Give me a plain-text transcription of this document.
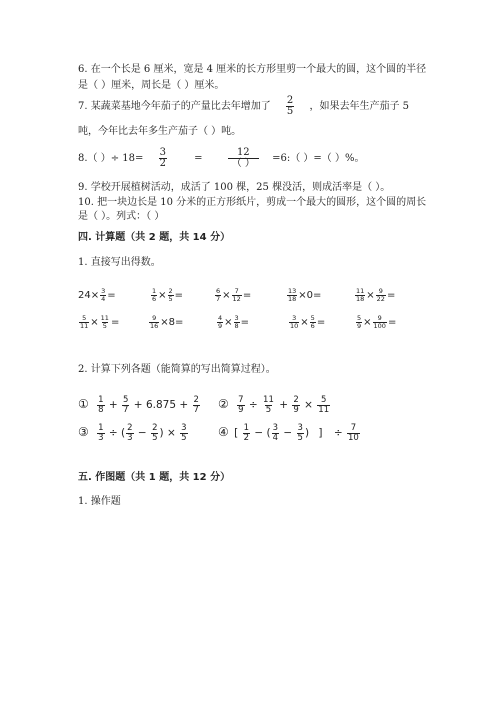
6. 在一个长是 6 厘米，宽是 4 厘米的长方形里剪一个最大的圆，这个圆的半径
是（ ）厘米，周长是（ ）厘米。
7. 某蔬菜基地今年茄子的产量比去年增加了 $\frac{2}{5}$ ，如果去年生产茄子 5
吨，今年比去年多生产茄子（ ）吨。
8.（ ）÷ $18= \frac{3}{2}$	=	$\frac{12}{( )}$ =6:（ ）=（ ）%。
9. 学校开展植树活动，成活了 100 棵，25 棵没活，则成活率是（ ）。
10. 把一块边长是 10 分米的正方形纸片，剪成一个最大的圆形，这个圆的周长
是（ ）。列式：（ ）
四. 计算题（共 2 题，共 14 分）
1. 直接写出得数。
$24\times \frac{3}{4}$ =	$\frac{1}{6} \times \frac{2}{5}$ =	$\frac{6}{7} \times \frac{7}{12}$ =	$\frac{13}{18} \times 0=$	$\frac{11}{18} \times \frac{9}{22}$ =
$\frac{5}{11} \times \frac{11}{5}$ =	$\frac{9}{16} \times 8=$	$\frac{4}{9} \times \frac{3}{8}$ =	$\frac{3}{10} \times \frac{5}{6}$ =	$\frac{5}{9} \times \frac{9}{100}$ =
2. 计算下列各题（能简算的写出简算过程）。
① $\frac{1}{8} + \frac{5}{7} + 6.875 + \frac{2}{7}$ ② $\frac{7}{9} \div \frac{11}{5} + \frac{2}{9} \times \frac{5}{11}$
③ $\frac{1}{3}$ ÷ ( $\frac{2}{3} - \frac{2}{5}$ ) × $\frac{3}{5}$	④ [ $\frac{1}{2}$ − ( $\frac{3}{4} - \frac{3}{5}$ ) ] ÷ $\frac{7}{10}$
五. 作图题（共 1 题，共 12 分）
1. 操作题
